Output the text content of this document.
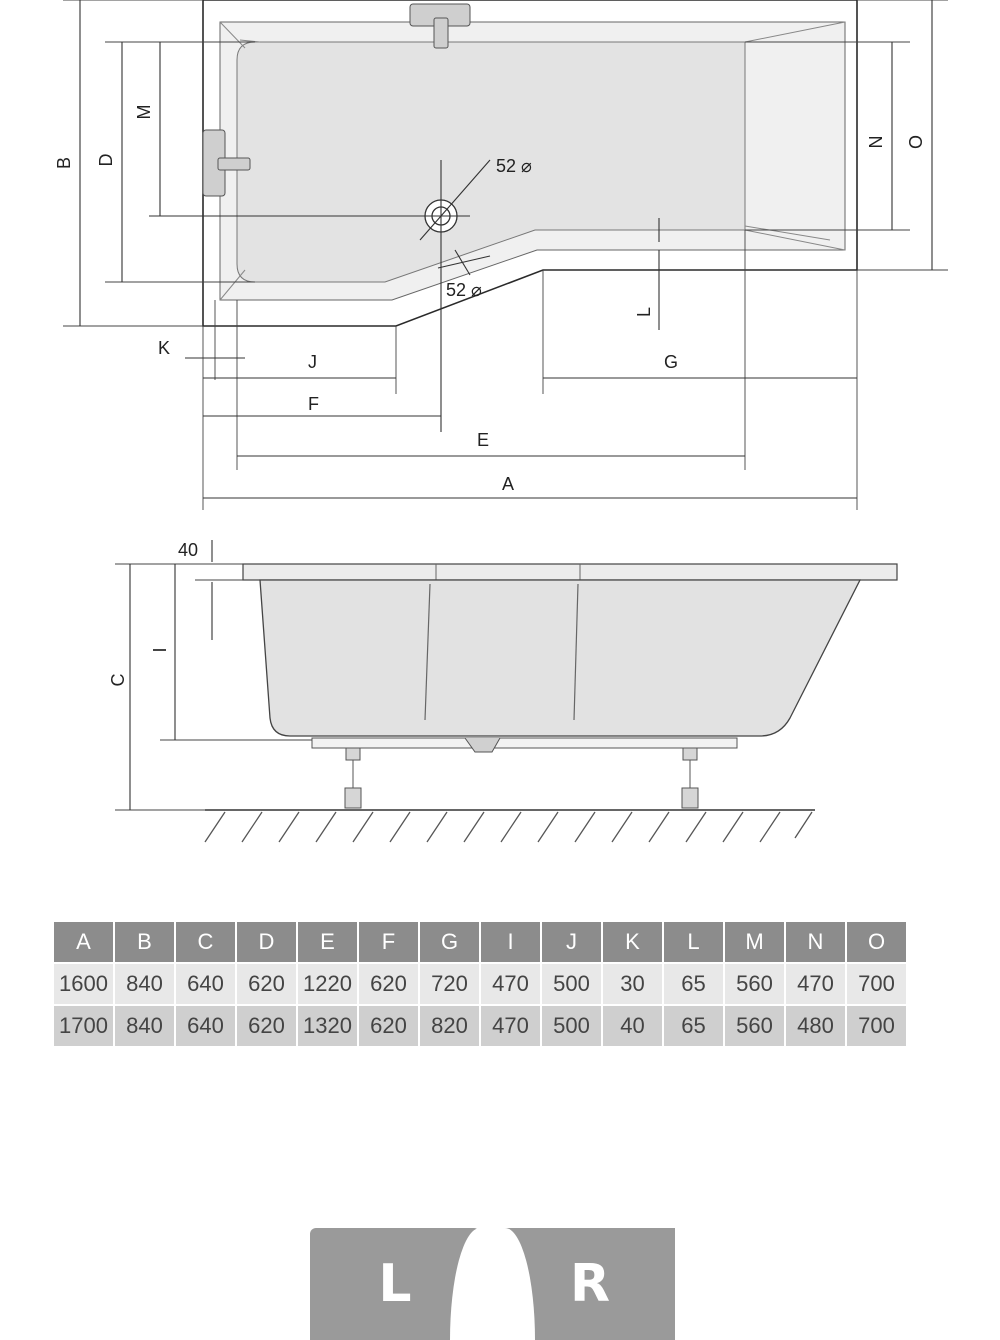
52 ⌀
52 ⌀
B D
M
N O
L
K
J	G
F
E
A
C
I
40
A	B	C	D	E	F	G	I	J	K	L	M	N	O
1600	840	640	620	1220	620	720	470	500	30	65	560	470	700
1700	840	640	620	1320	620	820	470	500	40	65	560	480	700
L	R
